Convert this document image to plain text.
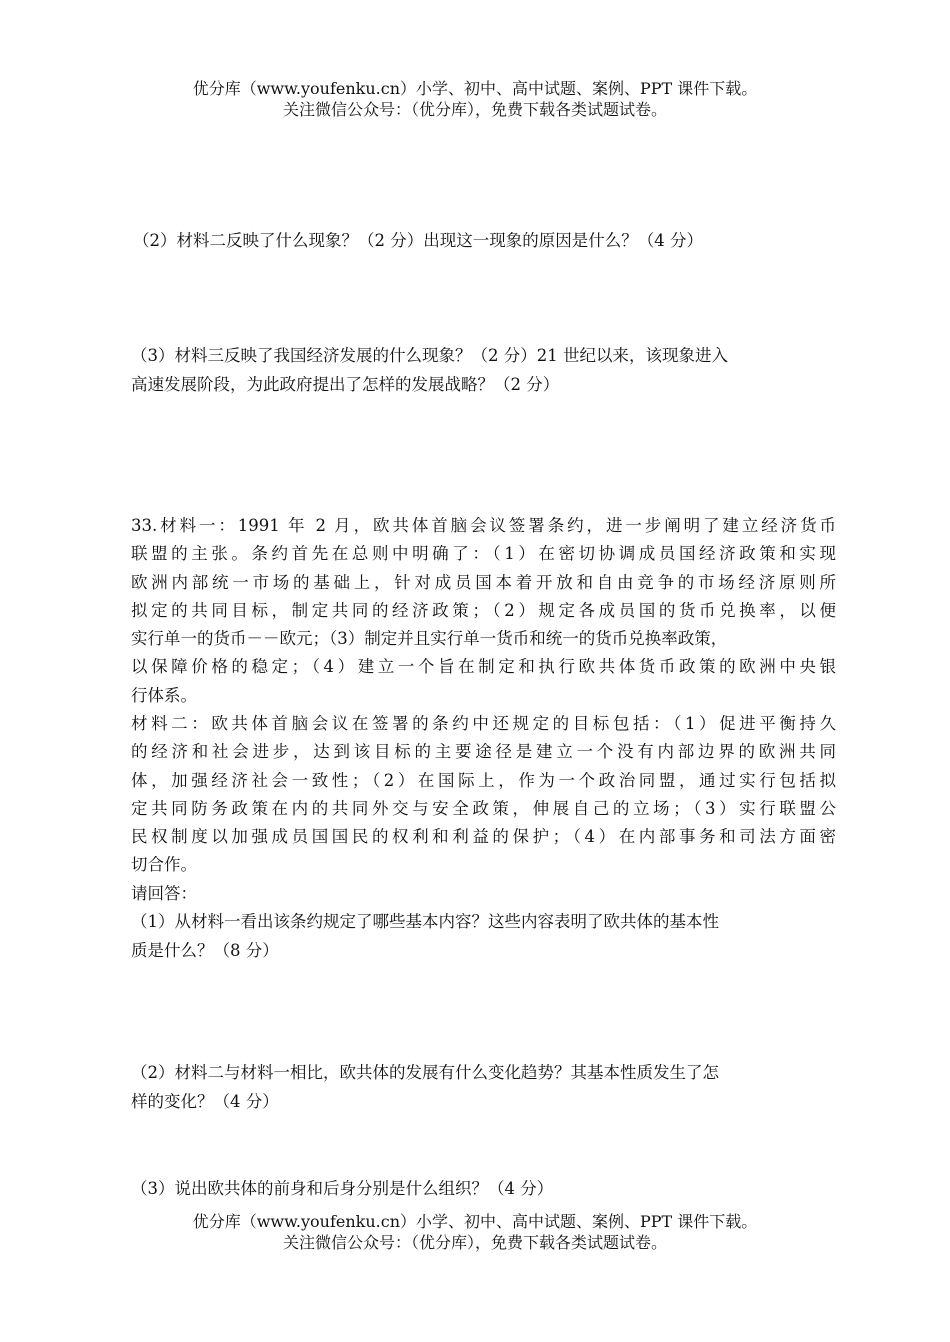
优分库（www.youfenku.cn）小学、初中、高中试题、案例、PPT 课件下载。
关注微信公众号：（优分库），免费下载各类试题试卷。
（2）材料二反映了什么现象？（2 分）出现这一现象的原因是什么？（4 分）
（3）材料三反映了我国经济发展的什么现象？（2 分）21 世纪以来，该现象进入
高速发展阶段，为此政府提出了怎样的发展战略？（2 分）
33.材料一：1991 年 2 月，欧共体首脑会议签署条约，进一步阐明了建立经济货币
联盟的主张。条约首先在总则中明确了：（1）在密切协调成员国经济政策和实现
欧洲内部统一市场的基础上，针对成员国本着开放和自由竞争的市场经济原则所
拟定的共同目标，制定共同的经济政策；（2）规定各成员国的货币兑换率，以便
实行单一的货币－－欧元；（3）制定并且实行单一货币和统一的货币兑换率政策，
以保障价格的稳定；（4）建立一个旨在制定和执行欧共体货币政策的欧洲中央银
行体系。
材料二：欧共体首脑会议在签署的条约中还规定的目标包括：（1）促进平衡持久
的经济和社会进步，达到该目标的主要途径是建立一个没有内部边界的欧洲共同
体，加强经济社会一致性；（2）在国际上，作为一个政治同盟，通过实行包括拟
定共同防务政策在内的共同外交与安全政策，伸展自己的立场；（3）实行联盟公
民权制度以加强成员国国民的权利和利益的保护；（4）在内部事务和司法方面密
切合作。
请回答：
（1）从材料一看出该条约规定了哪些基本内容？这些内容表明了欧共体的基本性
质是什么？（8 分）
（2）材料二与材料一相比，欧共体的发展有什么变化趋势？其基本性质发生了怎
样的变化？（4 分）
（3）说出欧共体的前身和后身分别是什么组织？（4 分）
优分库（www.youfenku.cn）小学、初中、高中试题、案例、PPT 课件下载。
关注微信公众号：（优分库），免费下载各类试题试卷。
